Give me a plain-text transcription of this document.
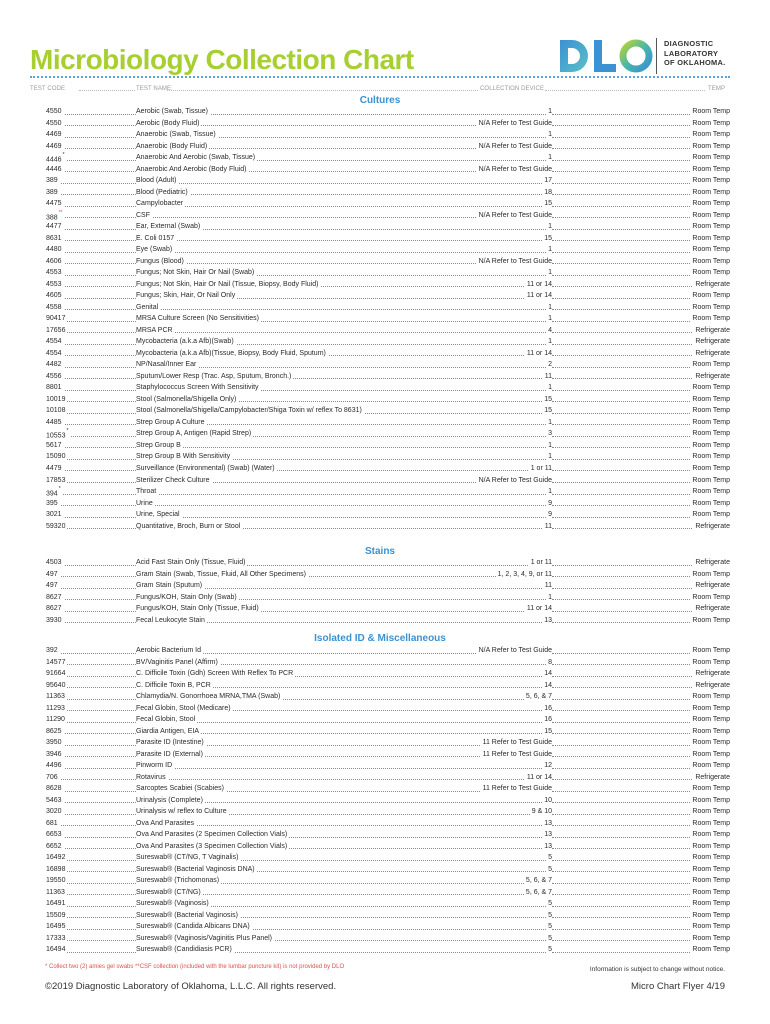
Microbiology Collection Chart
DIAGNOSTIC
LABORATORY
OF OKLAHOMA.
TEST CODE	TEST NAME	COLLECTION DEVICE	TEMP
Cultures
4550	Aerobic (Swab, Tissue)	1	Room Temp
4550	Aerobic (Body Fluid)	N/A Refer to Test Guide	Room Temp
4469	Anaerobic (Swab, Tissue)	1	Room Temp
4469	Anaerobic (Body Fluid)	N/A Refer to Test Guide	Room Temp
4446*	Anaerobic And Aerobic (Swab, Tissue)	1	Room Temp
4446	Anaerobic And Aerobic (Body Fluid)	N/A Refer to Test Guide	Room Temp
389	Blood (Adult)	17	Room Temp
389	Blood (Pediatric)	18	Room Temp
4475	Campylobacter	15	Room Temp
388**	CSF	N/A Refer to Test Guide	Room Temp
4477	Ear, External (Swab)	1	Room Temp
8631	E. Coli 0157	15	Room Temp
4480	Eye (Swab)	1	Room Temp
4606	Fungus (Blood)	N/A Refer to Test Guide	Room Temp
4553	Fungus; Not Skin, Hair Or Nail (Swab)	1	Room Temp
4553	Fungus; Not Skin, Hair Or Nail (Tissue, Biopsy, Body Fluid)	11 or 14	Refrigerate
4605	Fungus; Skin, Hair, Or Nail Only	11 or 14	Room Temp
4558	Genital	1	Room Temp
90417	MRSA Culture Screen (No Sensitivities)	1	Room Temp
17656	MRSA PCR	4	Refrigerate
4554	Mycobacteria (a.k.a Afb)(Swab)	1	Refrigerate
4554	Mycobacteria (a.k.a Afb)(Tissue, Biopsy, Body Fluid, Sputum)	11 or 14	Refrigerate
4482	NP/Nasal/Inner Ear	2	Room Temp
4556	Sputum/Lower Resp (Trac. Asp, Sputum, Bronch.)	11	Refrigerate
8801	Staphylococcus Screen With Sensitivity	1	Room Temp
10019	Stool (Salmonella/Shigella Only)	15	Room Temp
10108	Stool (Salmonella/Shigella/Campylobacter/Shiga Toxin w/ reflex To 8631)	15	Room Temp
4485	Strep Group A Culture	1	Room Temp
10553*	Strep Group A, Antigen (Rapid Strep)	3	Room Temp
5617	Strep Group B	1	Room Temp
15090	Strep Group B With Sensitivity	1	Room Temp
4479	Surveillance (Environmental) (Swab) (Water)	1 or 11	Room Temp
17853	Sterilizer Check Culture	N/A Refer to Test Guide	Room Temp
394*	Throat	1	Room Temp
395	Urine	9	Room Temp
3021	Urine, Special	9	Room Temp
59320	Quantitative, Broch, Burn or Stool	11	Refrigerate
Stains
4503	Acid Fast Stain Only (Tissue, Fluid)	1 or 11	Refrigerate
497	Gram Stain (Swab, Tissue, Fluid, All Other Specimens)	1, 2, 3, 4, 9, or 11	Room Temp
497	Gram Stain (Sputum)	11	Refrigerate
8627	Fungus/KOH, Stain Only (Swab)	1	Room Temp
8627	Fungus/KOH, Stain Only (Tissue, Fluid)	11 or 14	Refrigerate
3930	Fecal Leukocyte Stain	13	Room Temp
Isolated ID & Miscellaneous
392	Aerobic Bacterium Id	N/A Refer to Test Guide	Room Temp
14577	BV/Vaginitis Panel (Affirm)	8	Room Temp
91664	C. Difficile Toxin (Gdh) Screen With Reflex To PCR	14	Refrigerate
95640	C. Difficile Toxin B, PCR	14	Refrigerate
11363	Chlamydia/N. Gonorrhoea MRNA,TMA (Swab)	5, 6, & 7	Room Temp
11293	Fecal Globin, Stool (Medicare)	16	Room Temp
11290	Fecal Globin, Stool	16	Room Temp
8625	Giardia Antigen, EIA	15	Room Temp
3950	Parasite ID (Intestine)	11 Refer to Test Guide	Room Temp
3946	Parasite ID (External)	11 Refer to Test Guide	Room Temp
4496	Pinworm ID	12	Room Temp
706	Rotavirus	11 or 14	Refrigerate
8628	Sarcoptes Scabiei (Scabies)	11 Refer to Test Guide	Room Temp
5463	Urinalysis (Complete)	10	Room Temp
3020	Urinalysis w/ reflex to Culture	9 & 10	Room Temp
681	Ova And Parasites	13	Room Temp
6653	Ova And Parasites (2 Specimen Collection Vials)	13	Room Temp
6652	Ova And Parasites (3 Specimen Collection Vials)	13	Room Temp
16492	Sureswab® (CT/NG, T Vaginalis)	5	Room Temp
16898	Sureswab® (Bacterial Vaginosis DNA)	5	Room Temp
19550	Sureswab® (Trichomonas)	5, 6, & 7	Room Temp
11363	Sureswab® (CT/NG)	5, 6, & 7	Room Temp
16491	Sureswab® (Vaginosis)	5	Room Temp
15509	Sureswab® (Bacterial Vaginosis)	5	Room Temp
16495	Sureswab® (Candida Albicans DNA)	5	Room Temp
17333	Sureswab® (Vaginosis/Vaginitis Plus Panel)	5	Room Temp
16494	Sureswab® (Candidiasis PCR)	5	Room Temp
* Collect two (2) amies gel swabs **CSF collection (included with the lumbar puncture kit) is not provided by DLO	Information is subject to change without notice.
©2019 Diagnostic Laboratory of Oklahoma, L.L.C. All rights reserved.	Micro Chart Flyer 4/19
